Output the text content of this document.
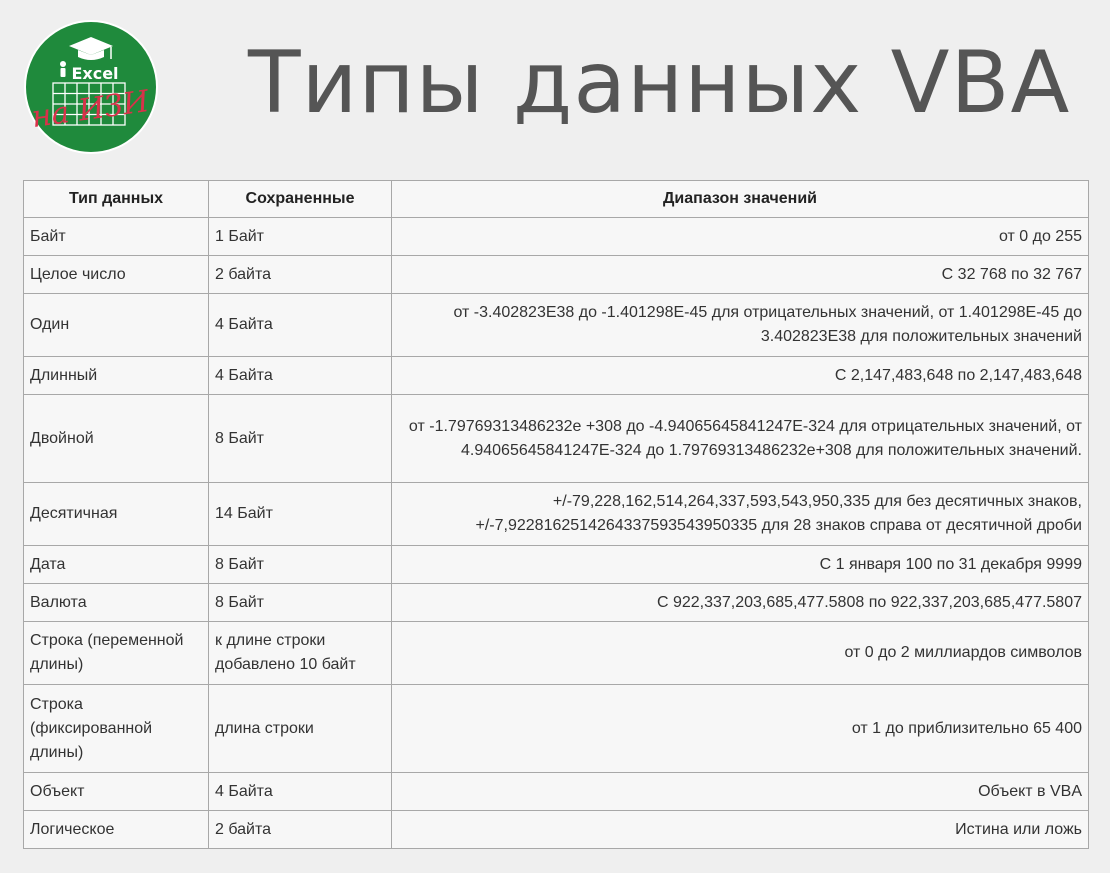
Excel
на ИЗИ Типы данных VBA
Тип данных	Сохраненные	Диапазон значений
Байт	1 Байт	от 0 до 255
Целое число	2 байта	С 32 768 по 32 767
Один	4 Байта	от -3.402823E38 до -1.401298E-45 для отрицательных значений, от 1.401298E-45 до 3.402823E38 для положительных значений
Длинный	4 Байта	С 2,147,483,648 по 2,147,483,648
Двойной	8 Байт	от -1.79769313486232e +308 до -4.94065645841247E-324 для отрицательных значений, от 4.94065645841247E-324 до 1.79769313486232e+308 для положительных значений.
Десятичная	14 Байт	+/-79,228,162,514,264,337,593,543,950,335 для без десятичных знаков, +/-7,9228162514264337593543950335 для 28 знаков справа от десятичной дроби
Дата	8 Байт	С 1 января 100 по 31 декабря 9999
Валюта	8 Байт	С 922,337,203,685,477.5808 по 922,337,203,685,477.5807
Строка (переменной длины)	к длине строки добавлено 10 байт	от 0 до 2 миллиардов символов
Строка (фиксированной длины)	длина строки	от 1 до приблизительно 65 400
Объект	4 Байта	Объект в VBA
Логическое	2 байта	Истина или ложь
